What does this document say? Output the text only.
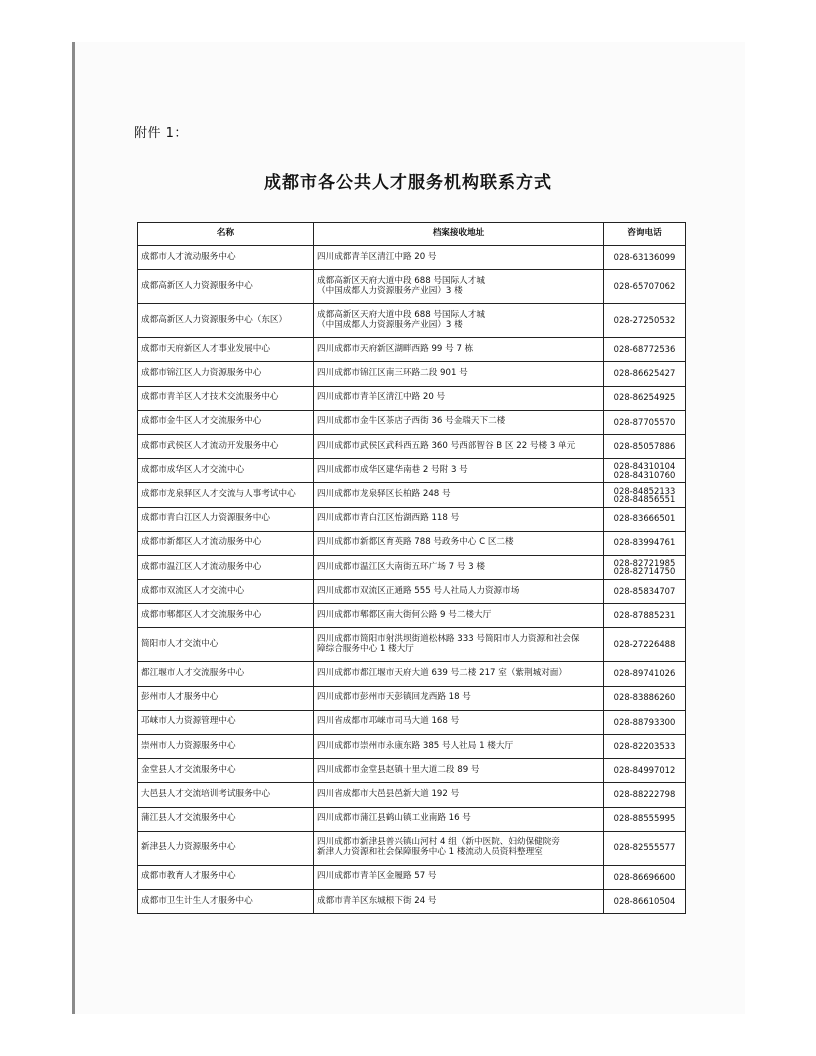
附件 1：
成都市各公共人才服务机构联系方式
名称	档案接收地址	咨询电话
成都市人才流动服务中心	四川成都青羊区清江中路 20 号	028-63136099
成都高新区人力资源服务中心	成都高新区天府大道中段 688 号国际人才城
（中国成都人力资源服务产业园）3 楼	028-65707062
成都高新区人力资源服务中心（东区）	成都高新区天府大道中段 688 号国际人才城
（中国成都人力资源服务产业园）3 楼	028-27250532
成都市天府新区人才事业发展中心	四川成都市天府新区湖畔西路 99 号 7 栋	028-68772536
成都市锦江区人力资源服务中心	四川成都市锦江区南三环路二段 901 号	028-86625427
成都市青羊区人才技术交流服务中心	四川成都市青羊区清江中路 20 号	028-86254925
成都市金牛区人才交流服务中心	四川成都市金牛区茶店子西街 36 号金瑞天下二楼	028-87705570
成都市武侯区人才流动开发服务中心	四川成都市武侯区武科西五路 360 号西部智谷 B 区 22 号楼 3 单元	028-85057886
成都市成华区人才交流中心	四川成都市成华区建华南巷 2 号附 3 号	028-84310104
028-84310760

成都市龙泉驿区人才交流与人事考试中心	四川成都市龙泉驿区长柏路 248 号	028-84852133
028-84856551

成都市青白江区人力资源服务中心	四川成都市青白江区怡湖西路 118 号	028-83666501
成都市新都区人才流动服务中心	四川成都市新都区育英路 788 号政务中心 C 区二楼	028-83994761
成都市温江区人才流动服务中心	四川成都市温江区大南街五环广场 7 号 3 楼	028-82721985
028-82714750

成都市双流区人才交流中心	四川成都市双流区正通路 555 号人社局人力资源市场	028-85834707
成都市郫都区人才交流服务中心	四川成都市郫都区南大街何公路 9 号二楼大厅	028-87885231
简阳市人才交流中心	四川成都市简阳市射洪坝街道松林路 333 号简阳市人力资源和社会保
障综合服务中心 1 楼大厅	028-27226488
都江堰市人才交流服务中心	四川成都市都江堰市天府大道 639 号二楼 217 室（紫荆城对面）	028-89741026
彭州市人才服务中心	四川成都市彭州市天彭镇回龙西路 18 号	028-83886260
邛崃市人力资源管理中心	四川省成都市邛崃市司马大道 168 号	028-88793300
崇州市人力资源服务中心	四川成都市崇州市永康东路 385 号人社局 1 楼大厅	028-82203533
金堂县人才交流服务中心	四川成都市金堂县赵镇十里大道二段 89 号	028-84997012
大邑县人才交流培训考试服务中心	四川省成都市大邑县邑新大道 192 号	028-88222798
蒲江县人才交流服务中心	四川成都市蒲江县鹤山镇工业南路 16 号	028-88555995
新津县人力资源服务中心	四川成都市新津县普兴镇山河村 4 组（新中医院、妇幼保健院旁
新津人力资源和社会保障服务中心 1 楼流动人员资料整理室	028-82555577
成都市教育人才服务中心	四川成都市青羊区金履路 57 号	028-86696600
成都市卫生计生人才服务中心	成都市青羊区东城根下街 24 号	028-86610504
